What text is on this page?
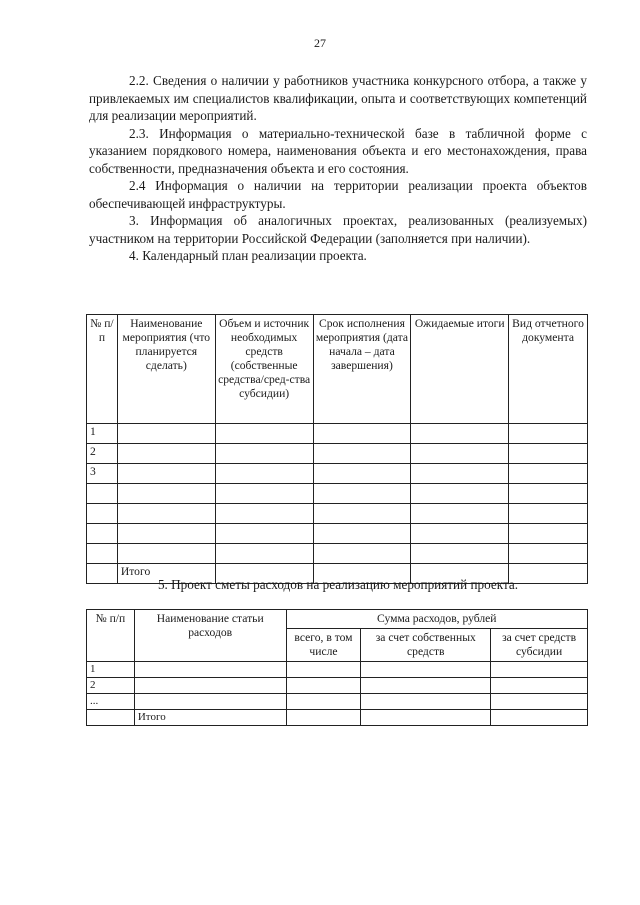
27

2.2. Сведения о наличии у работников участника конкурсного отбора, а также у привлекаемых им специалистов квалификации, опыта и соответствующих компетенций для реализации мероприятий.

2.3. Информация о материально-технической базе в табличной форме с указанием порядкового номера, наименования объекта и его местонахождения, права собственности, предназначения объекта и его состояния.

2.4 Информация о наличии на территории реализации проекта объектов обеспечивающей инфраструктуры.

3. Информация об аналогичных проектах, реализованных (реализуемых) участником на территории Российской Федерации (заполняется при наличии).

4. Календарный план реализации проекта.

№ п/п	Наименование мероприятия (что планируется сделать)	Объем и источник необходимых средств (собственные средства/сред-ства субсидии)	Срок исполнения мероприятия (дата начала – дата завершения)	Ожидаемые итоги	Вид отчетного документа
1					
2					
3					

	Итого				

5. Проект сметы расходов на реализацию мероприятий проекта.

№ п/п	Наименование статьи расходов	Сумма расходов, рублей		
		всего, в том числе	за счет собственных средств	за счет средств субсидии
1				
2				
...				
	Итого			
